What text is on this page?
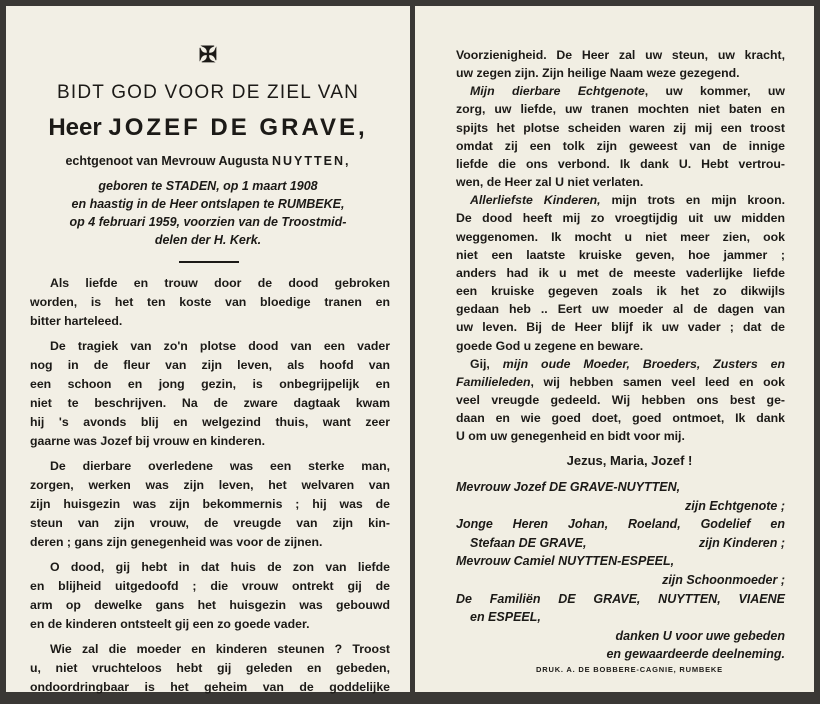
✠
BIDT GOD VOOR DE ZIEL VAN
Heer JOZEF DE GRAVE,
echtgenoot van Mevrouw Augusta NUYTTEN,
geboren te STADEN, op 1 maart 1908
en haastig in de Heer ontslapen te RUMBEKE,
op 4 februari 1959, voorzien van de Troostmid-
delen der H. Kerk.
Als liefde en trouw door de dood gebroken
worden, is het ten koste van bloedige tranen en
bitter harteleed.
De tragiek van zo'n plotse dood van een vader
nog in de fleur van zijn leven, als hoofd van
een schoon en jong gezin, is onbegrijpelijk en
niet te beschrijven. Na de zware dagtaak kwam
hij 's avonds blij en welgezind thuis, want zeer
gaarne was Jozef bij vrouw en kinderen.
De dierbare overledene was een sterke man,
zorgen, werken was zijn leven, het welvaren van
zijn huisgezin was zijn bekommernis ; hij was de
steun van zijn vrouw, de vreugde van zijn kin-
deren ; gans zijn genegenheid was voor de zijnen.
O dood, gij hebt in dat huis de zon van liefde
en blijheid uitgedoofd ; die vrouw ontrekt gij de
arm op dewelke gans het huisgezin was gebouwd
en de kinderen ontsteelt gij een zo goede vader.
Wie zal die moeder en kinderen steunen ? Troost
u, niet vruchteloos hebt gij geleden en gebeden,
ondoordringbaar is het geheim van de goddelijke
Voorzienigheid. De Heer zal uw steun, uw kracht,
uw zegen zijn. Zijn heilige Naam weze gezegend.
Mijn dierbare Echtgenote, uw kommer, uw
zorg, uw liefde, uw tranen mochten niet baten en
spijts het plotse scheiden waren zij mij een troost
omdat zij een tolk zijn geweest van de innige
liefde die ons verbond. Ik dank U. Hebt vertrou-
wen, de Heer zal U niet verlaten.
Allerliefste Kinderen, mijn trots en mijn kroon.
De dood heeft mij zo vroegtijdig uit uw midden
weggenomen. Ik mocht u niet meer zien, ook
niet een laatste kruiske geven, hoe jammer ;
anders had ik u met de meeste vaderlijke liefde
een kruiske gegeven zoals ik het zo dikwijls
gedaan heb .. Eert uw moeder al de dagen van
uw leven. Bij de Heer blijf ik uw vader ; dat de
goede God u zegene en beware.
Gij, mijn oude Moeder, Broeders, Zusters en
Familieleden, wij hebben samen veel leed en ook
veel vreugde gedeeld. Wij hebben ons best ge-
daan en wie goed doet, goed ontmoet, Ik dank
U om uw genegenheid en bidt voor mij.
Jezus, Maria, Jozef !
Mevrouw Jozef DE GRAVE-NUYTTEN,
zijn Echtgenote ;
Jonge Heren Johan, Roeland, Godelief en
Stefaan DE GRAVE,	zijn Kinderen ;
Mevrouw Camiel NUYTTEN-ESPEEL,
zijn Schoonmoeder ;
De Familiën DE GRAVE, NUYTTEN, VIAENE
en ESPEEL,
danken U voor uwe gebeden
en gewaardeerde deelneming.
DRUK. A. DE BOBBERE-CAGNIE, RUMBEKE
